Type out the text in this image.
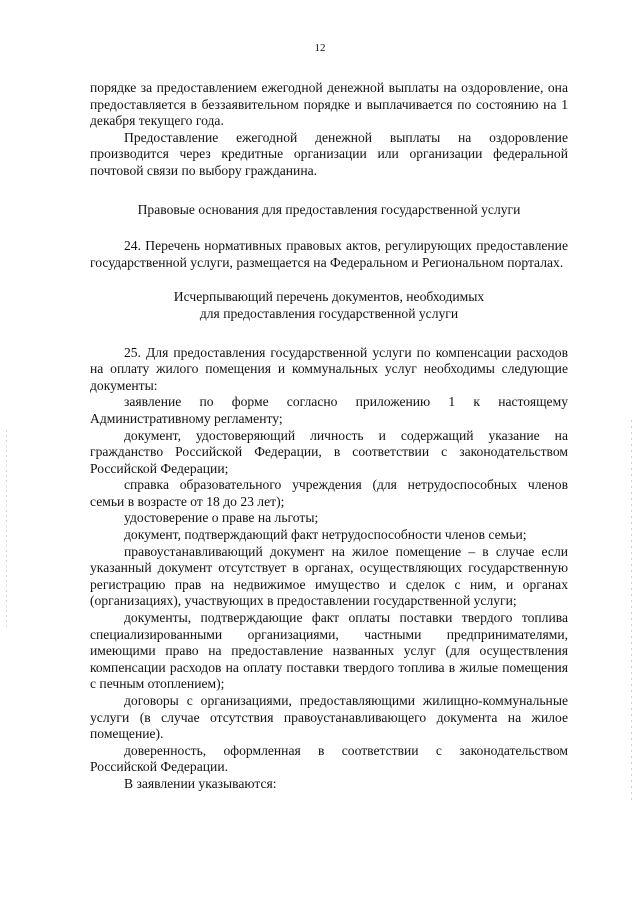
12

порядке за предоставлением ежегодной денежной выплаты на оздоровление, она предоставляется в беззаявительном порядке и выплачивается по состоянию на 1 декабря текущего года.

Предоставление ежегодной денежной выплаты на оздоровление производится через кредитные организации или организации федеральной почтовой связи по выбору гражданина.

Правовые основания для предоставления государственной услуги

24. Перечень нормативных правовых актов, регулирующих предоставление государственной услуги, размещается на Федеральном и Региональном порталах.

Исчерпывающий перечень документов, необходимых

для предоставления государственной услуги

25. Для предоставления государственной услуги по компенсации расходов на оплату жилого помещения и коммунальных услуг необходимы следующие документы:

заявление по форме согласно приложению 1 к настоящему Административному регламенту;

документ, удостоверяющий личность и содержащий указание на гражданство Российской Федерации, в соответствии с законодательством Российской Федерации;

справка образовательного учреждения (для нетрудоспособных членов семьи в возрасте от 18 до 23 лет);

удостоверение о праве на льготы;

документ, подтверждающий факт нетрудоспособности членов семьи;

правоустанавливающий документ на жилое помещение – в случае если указанный документ отсутствует в органах, осуществляющих государственную регистрацию прав на недвижимое имущество и сделок с ним, и органах (организациях), участвующих в предоставлении государственной услуги;

документы, подтверждающие факт оплаты поставки твердого топлива специализированными организациями, частными предпринимателями, имеющими право на предоставление названных услуг (для осуществления компенсации расходов на оплату поставки твердого топлива в жилые помещения с печным отоплением);

договоры с организациями, предоставляющими жилищно-коммунальные услуги (в случае отсутствия правоустанавливающего документа на жилое помещение).

доверенность, оформленная в соответствии с законодательством Российской Федерации.

В заявлении указываются:
